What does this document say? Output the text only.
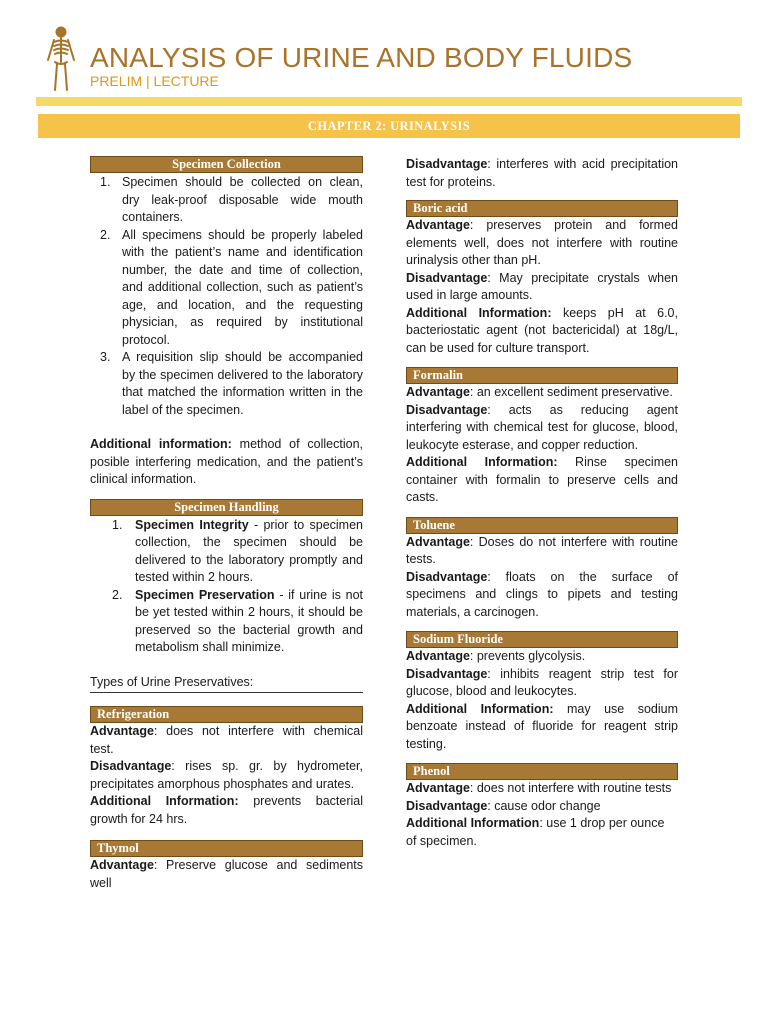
ANALYSIS OF URINE AND BODY FLUIDS
PRELIM | LECTURE
CHAPTER 2: URINALYSIS
Specimen Collection
1. Specimen should be collected on clean, dry leak-proof disposable wide mouth containers.
2. All specimens should be properly labeled with the patient’s name and identification number, the date and time of collection, and additional collection, such as patient’s age, and location, and the requesting physician, as required by institutional protocol.
3. A requisition slip should be accompanied by the specimen delivered to the laboratory that matched the information written in the label of the specimen.

Additional information: method of collection, posible interfering medication, and the patient’s clinical information.

Specimen Handling
1. Specimen Integrity - prior to specimen collection, the specimen should be delivered to the laboratory promptly and tested within 2 hours.
2. Specimen Preservation - if urine is not be yet tested within 2 hours, it should be preserved so the bacterial growth and metabolism shall minimize.
Types of Urine Preservatives:
Refrigeration
Advantage: does not interfere with chemical test.
Disadvantage: rises sp. gr. by hydrometer, precipitates amorphous phosphates and urates.
Additional Information: prevents bacterial growth for 24 hrs.
Thymol
Advantage: Preserve glucose and sediments well
Disadvantage: interferes with acid precipitation test for proteins.
Boric acid
Advantage: preserves protein and formed elements well, does not interfere with routine urinalysis other than pH.
Disadvantage: May precipitate crystals when used in large amounts.
Additional Information: keeps pH at 6.0, bacteriostatic agent (not bactericidal) at 18g/L, can be used for culture transport.
Formalin
Advantage: an excellent sediment preservative.
Disadvantage: acts as reducing agent interfering with chemical test for glucose, blood, leukocyte esterase, and copper reduction.
Additional Information: Rinse specimen container with formalin to preserve cells and casts.
Toluene
Advantage: Doses do not interfere with routine tests.
Disadvantage: floats on the surface of specimens and clings to pipets and testing materials, a carcinogen.
Sodium Fluoride
Advantage: prevents glycolysis.
Disadvantage: inhibits reagent strip test for glucose, blood and leukocytes.
Additional Information: may use sodium benzoate instead of fluoride for reagent strip testing.
Phenol
Advantage: does not interfere with routine tests
Disadvantage: cause odor change
Additional Information: use 1 drop per ounce of specimen.
